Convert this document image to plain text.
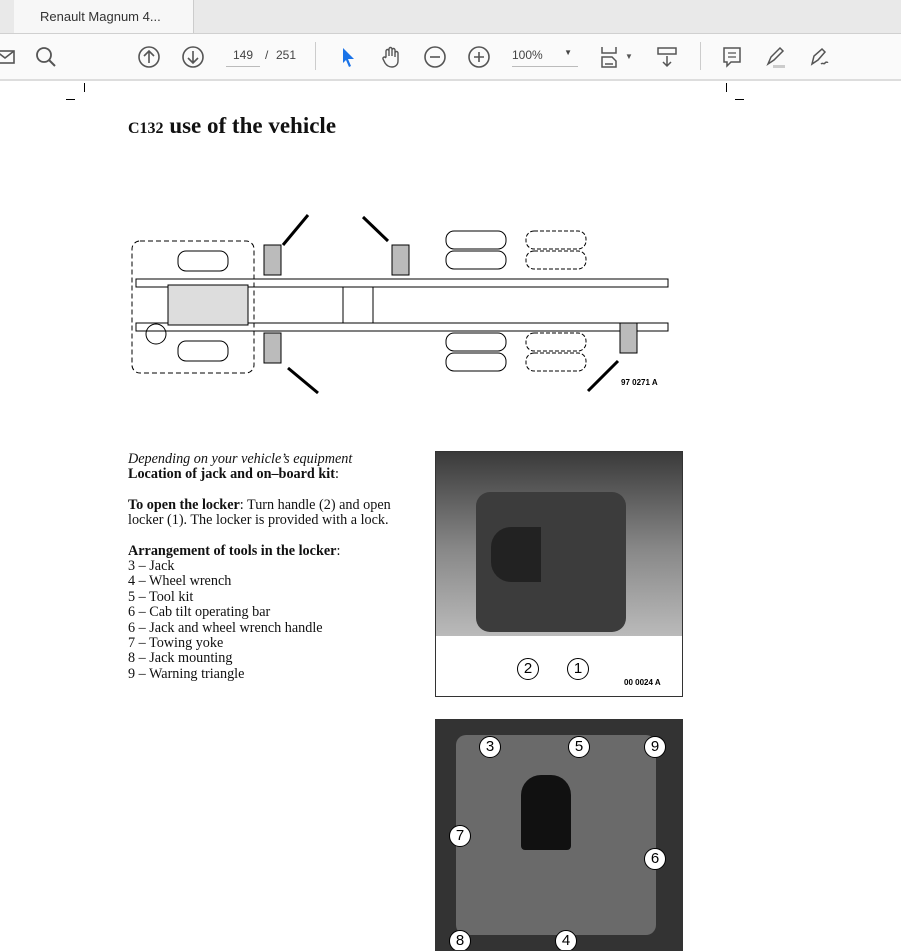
Renault Magnum 4...
149 / 251	100%	▼	▼
C132 use of the vehicle
97 0271 A
Depending on your vehicle’s equipment
Location of jack and on–board kit:
To open the locker: Turn handle (2) and open locker (1). The locker is provided with a lock.
Arrangement of tools in the locker:
3 – Jack
4 – Wheel wrench
5 – Tool kit
6 – Cab tilt operating bar
6 – Jack and wheel wrench handle
7 – Towing yoke
8 – Jack mounting
9 – Warning triangle	2	1
00 0024 A
3	5	9
7
6
8	4
